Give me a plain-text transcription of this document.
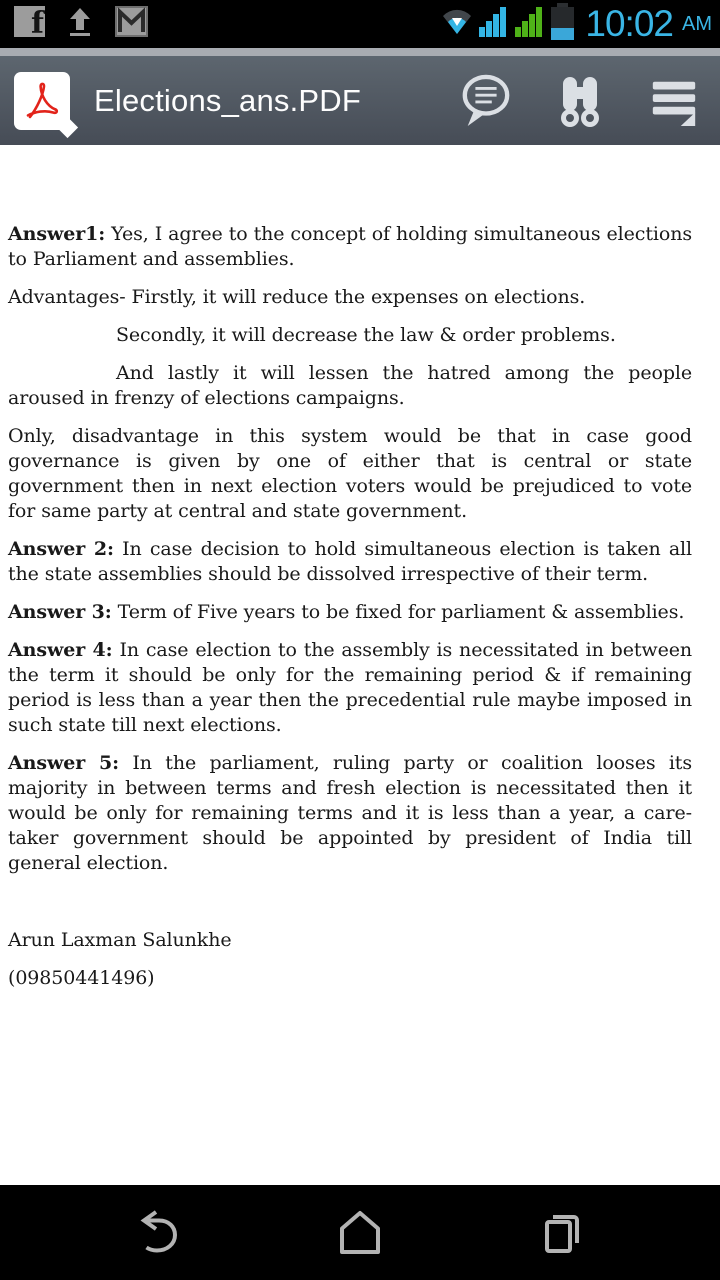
f	10:02 AM
Elections_ans.PDF

Answer1: Yes, I agree to the concept of holding simultaneous elections to Parliament and assemblies.

Advantages- Firstly, it will reduce the expenses on elections.

Secondly, it will decrease the law & order problems.

And lastly it will lessen the hatred among the people aroused in frenzy of elections campaigns.

Only, disadvantage in this system would be that in case good governance is given by one of either that is central or state government then in next election voters would be prejudiced to vote for same party at central and state government.

Answer 2: In case decision to hold simultaneous election is taken all the state assemblies should be dissolved irrespective of their term.

Answer 3: Term of Five years to be fixed for parliament & assemblies.

Answer 4: In case election to the assembly is necessitated in between the term it should be only for the remaining period & if remaining period is less than a year then the precedential rule maybe imposed in such state till next elections.

Answer 5: In the parliament, ruling party or coalition looses its majority in between terms and fresh election is necessitated then it would be only for remaining terms and it is less than a year, a care-taker government should be appointed by president of India till general election.

Arun Laxman Salunkhe

(09850441496)
